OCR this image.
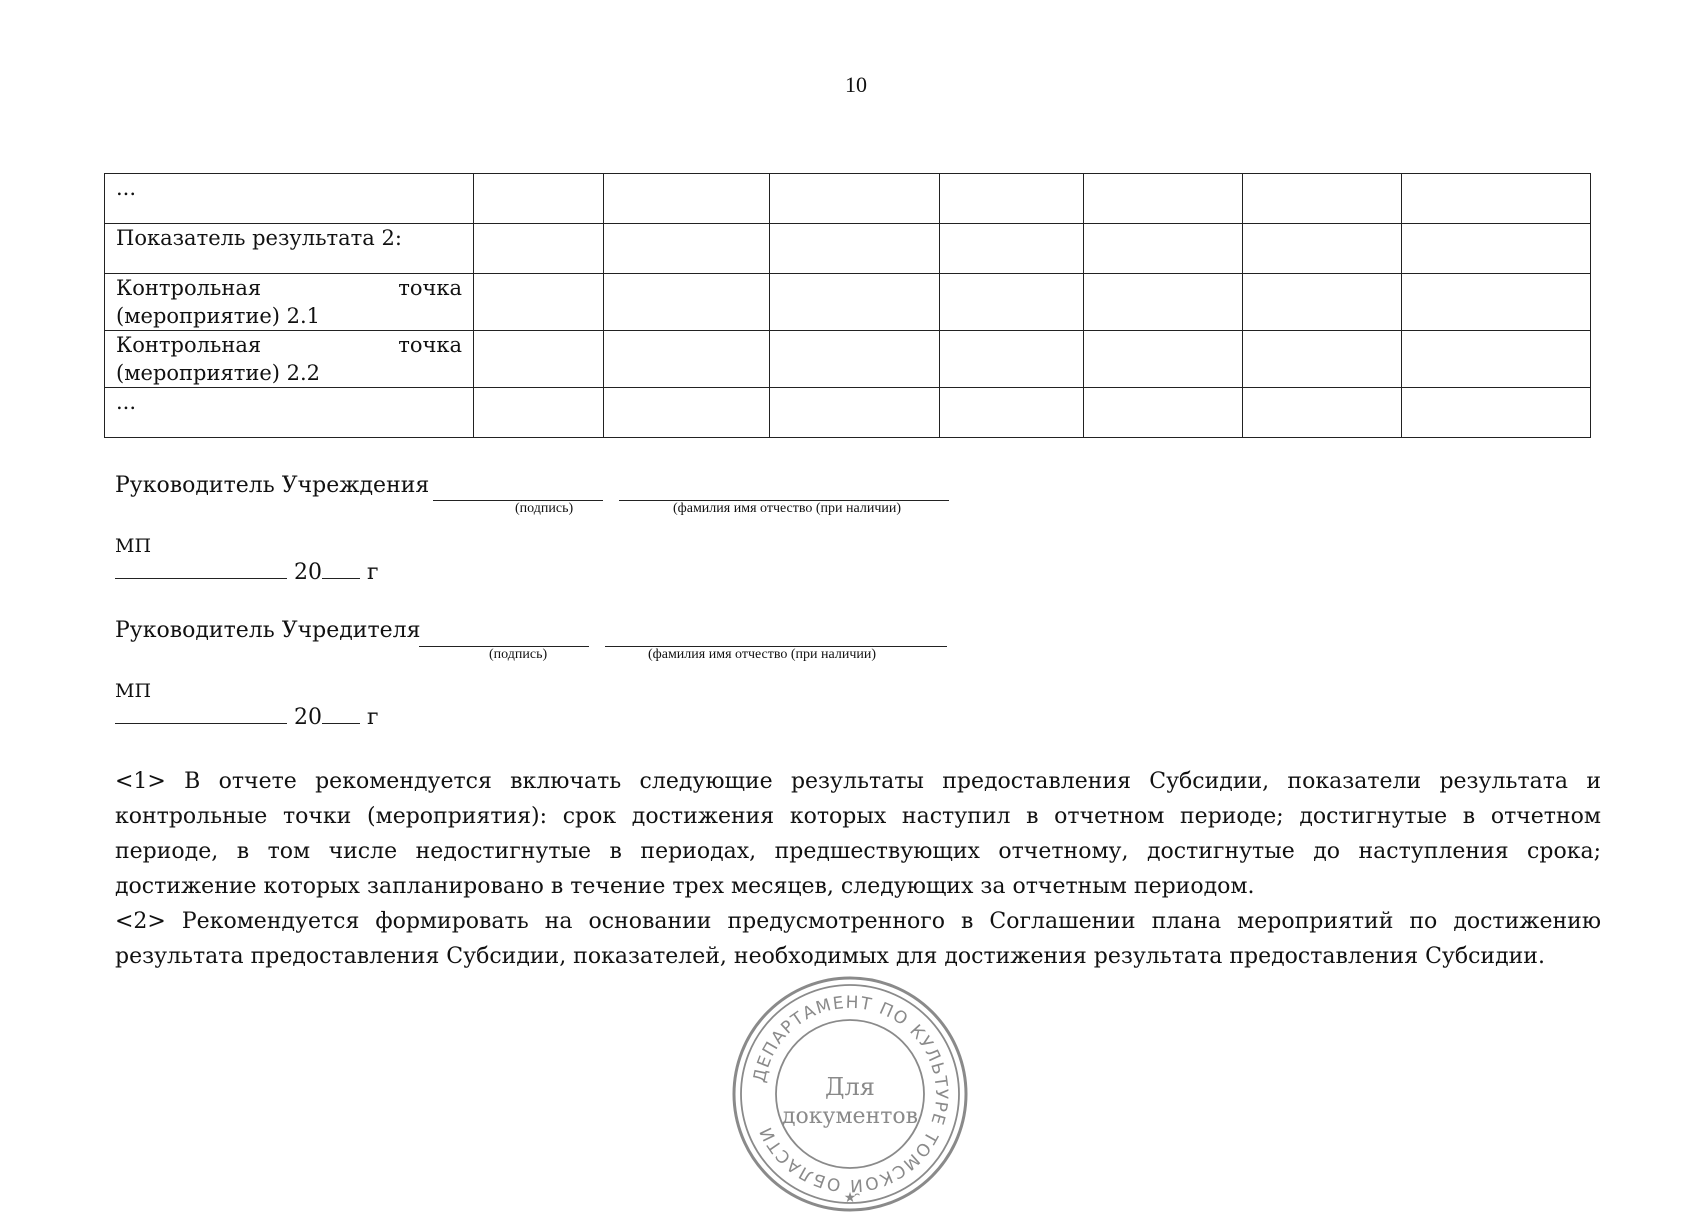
10
...							
Показатель результата 2:							

Контрольная точка
(мероприятие) 2.1							

Контрольная точка
(мероприятие) 2.2							

...							
Руководитель Учреждения
(подпись)	(фамилия имя отчество (при наличии)
МП
20 г
Руководитель Учредителя
(подпись)	(фамилия имя отчество (при наличии)
МП
20 г

<1> В отчете рекомендуется включать следующие результаты предоставления Субсидии, показатели результата и контрольные точки (мероприятия): срок достижения которых наступил в отчетном периоде; достигнутые в отчетном периоде, в том числе недостигнутые в периодах, предшествующих отчетному, достигнутые до наступления срока; достижение которых запланировано в течение трех месяцев, следующих за отчетным периодом.

<2> Рекомендуется формировать на основании предусмотренного в Соглашении плана мероприятий по достижению результата предоставления Субсидии, показателей, необходимых для достижения результата предоставления Субсидии.

ДЕПАРТАМЕНТ ПО КУЛЬТУРЕ ТОМСКОЙ ОБЛАСТИ
Для
документов
★
